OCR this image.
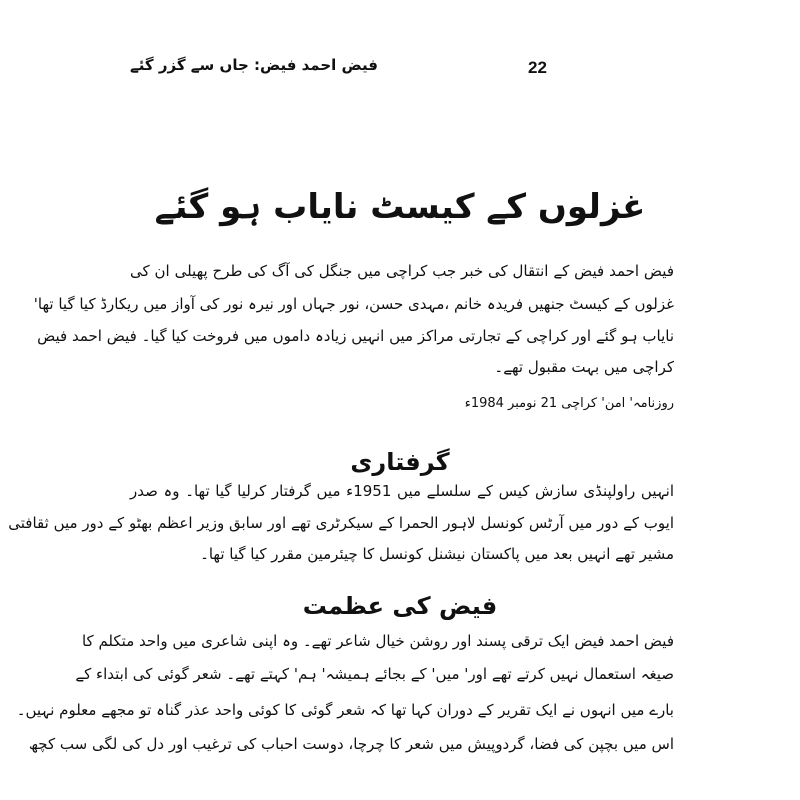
22
فیض احمد فیض: جاں سے گزر گئے
غزلوں کے کیسٹ نایاب ہو گئے
فیض احمد فیض کے انتقال کی خبر جب کراچی میں جنگل کی آگ کی طرح پھیلی ان کی
غزلوں کے کیسٹ جنھیں فریدہ خانم ،مہدی حسن، نور جہاں اور نیرہ نور کی آواز میں ریکارڈ کیا گیا تھا'
نایاب ہو گئے اور کراچی کے تجارتی مراکز میں انہیں زیادہ داموں میں فروخت کیا گیا۔ فیض احمد فیض
کراچی میں بہت مقبول تھے۔
روزنامہ' امن' کراچی 21 نومبر 1984ء
گرفتاری
انہیں راولپنڈی سازش کیس کے سلسلے میں 1951ء میں گرفتار کرلیا گیا تھا۔ وہ صدر
ایوب کے دور میں آرٹس کونسل لاہور الحمرا کے سیکرٹری تھے اور سابق وزیر اعظم بھٹو کے دور میں ثقافتی
مشیر تھے انہیں بعد میں پاکستان نیشنل کونسل کا چیئرمین مقرر کیا گیا تھا۔
فیض کی عظمت
فیض احمد فیض ایک ترقی پسند اور روشن خیال شاعر تھے۔ وہ اپنی شاعری میں واحد متکلم کا
صیغہ استعمال نہیں کرتے تھے اور' میں' کے بجائے ہمیشہ' ہم' کہتے تھے۔ شعر گوئی کی ابتداء کے
بارے میں انہوں نے ایک تقریر کے دوران کہا تھا کہ شعر گوئی کا کوئی واحد عذر گناہ تو مجھے معلوم نہیں۔
اس میں بچپن کی فضا، گردوپیش میں شعر کا چرچا، دوست احباب کی ترغیب اور دل کی لگی سب کچھ
